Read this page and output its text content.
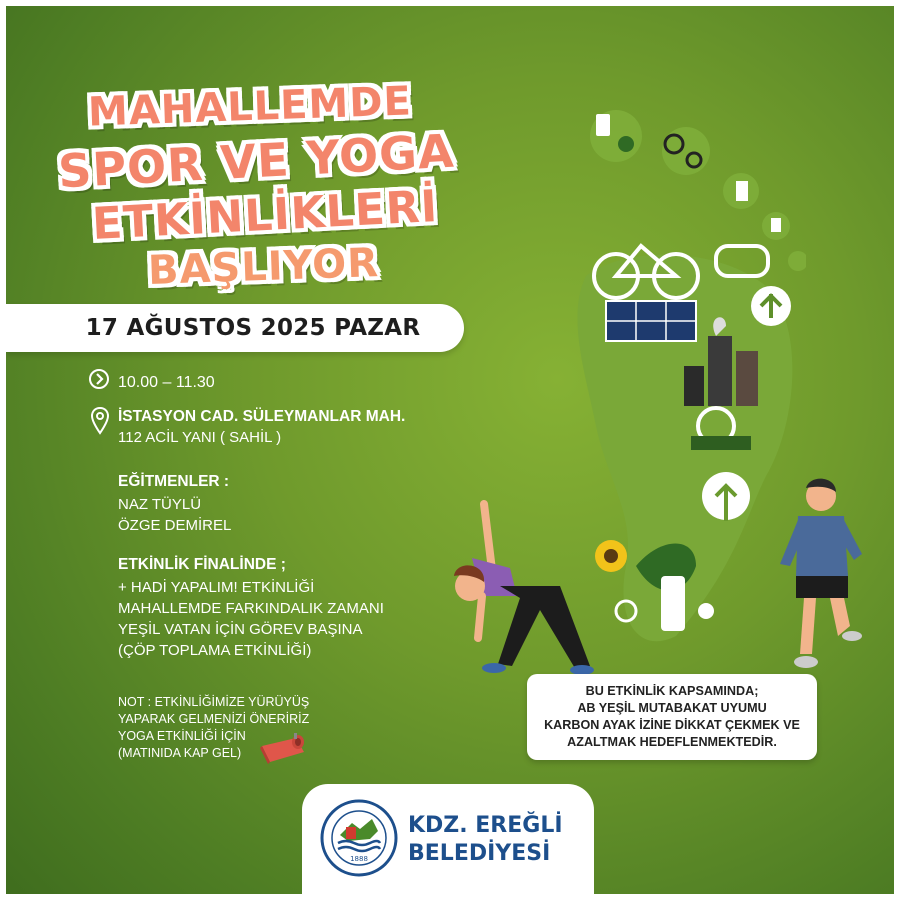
MAHALLEMDE
SPOR VE YOGA
ETKİNLİKLERİ
BAŞLIYOR
17 AĞUSTOS 2025 PAZAR
10.00 – 11.30
İSTASYON CAD. SÜLEYMANLAR MAH.
112 ACİL YANI ( SAHİL )
EĞİTMENLER :
NAZ TÜYLÜ
ÖZGE DEMİREL
ETKİNLİK FİNALİNDE ;
+ HADİ YAPALIM! ETKİNLİĞİ
MAHALLEMDE FARKINDALIK ZAMANI
YEŞİL VATAN İÇİN GÖREV BAŞINA
(ÇÖP TOPLAMA ETKİNLİĞİ)
NOT : ETKİNLİĞİMİZE YÜRÜYÜŞ
YAPARAK GELMENİZİ ÖNERİRİZ
YOGA ETKİNLİĞİ İÇİN
(MATINIDA KAP GEL)
BU ETKİNLİK KAPSAMINDA;
AB YEŞİL MUTABAKAT UYUMU
KARBON AYAK İZİNE DİKKAT ÇEKMEK VE
AZALTMAK HEDEFLENMEKTEDİR.
1888
KDZ. EREĞLİ
BELEDİYESİ
